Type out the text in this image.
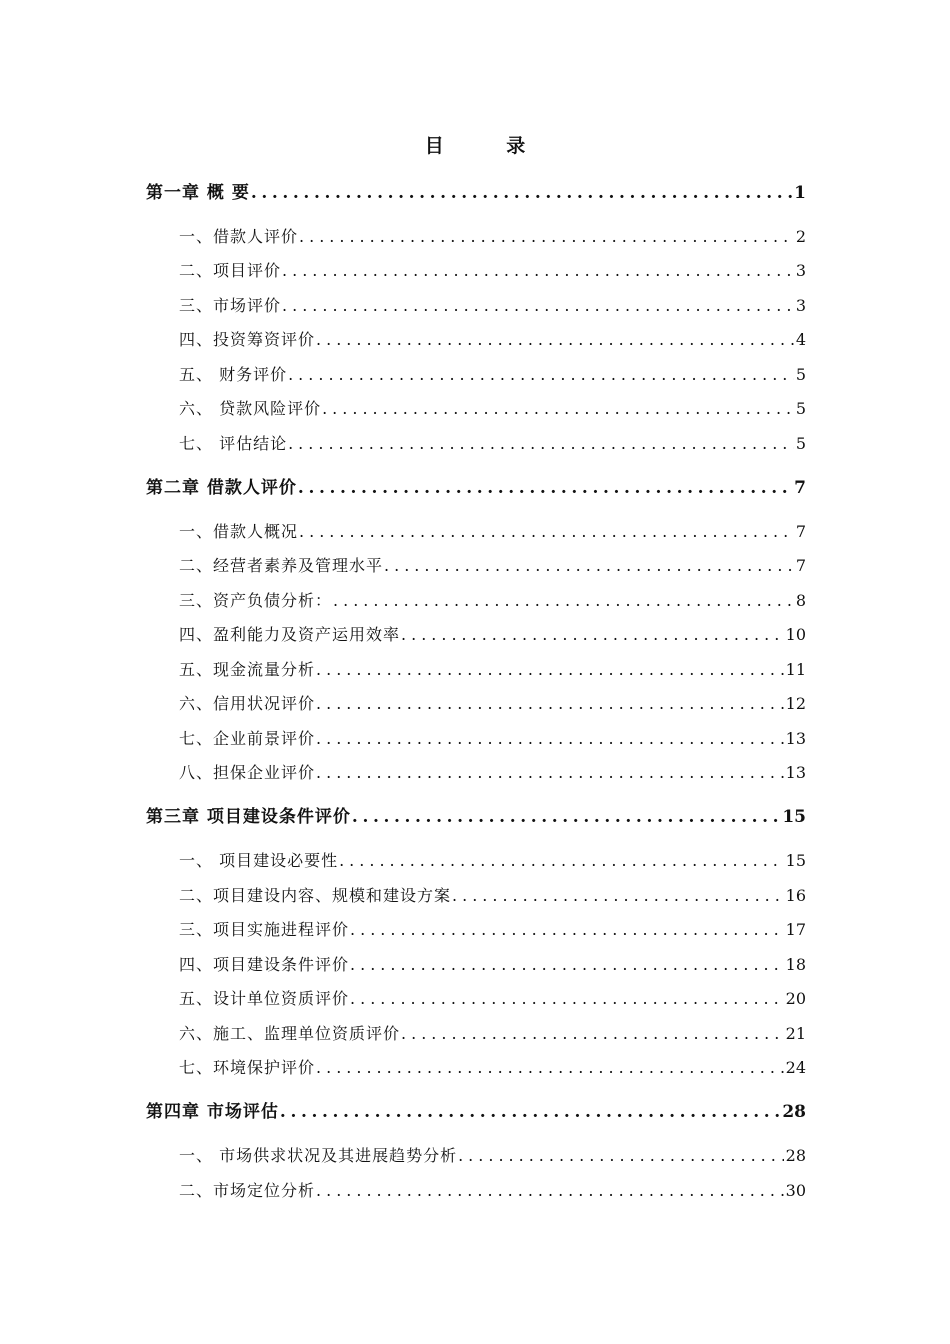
目 录
第一章 概 要 .....	1
一、借款人评价 .....	2
二、项目评价 .....	3
三、市场评价 .....	3
四、投资筹资评价 .....	4
五、 财务评价 .....	5
六、 贷款风险评价 .....	5
七、 评估结论 .....	5
第二章 借款人评价 .....	7
一、借款人概况 .....	7
二、经营者素养及管理水平 .....	7
三、资产负债分析： .....	8
四、盈利能力及资产运用效率 .....	10
五、现金流量分析 .....	11
六、信用状况评价 .....	12
七、企业前景评价 .....	13
八、担保企业评价 .....	13
第三章 项目建设条件评价 .....	15
一、 项目建设必要性 .....	15
二、项目建设内容、规模和建设方案 .....	16
三、项目实施进程评价 .....	17
四、项目建设条件评价 .....	18
五、设计单位资质评价 .....	20
六、施工、监理单位资质评价 .....	21
七、环境保护评价 .....	24
第四章 市场评估 .....	28
一、 市场供求状况及其进展趋势分析 .....	28
二、市场定位分析 .....	30
